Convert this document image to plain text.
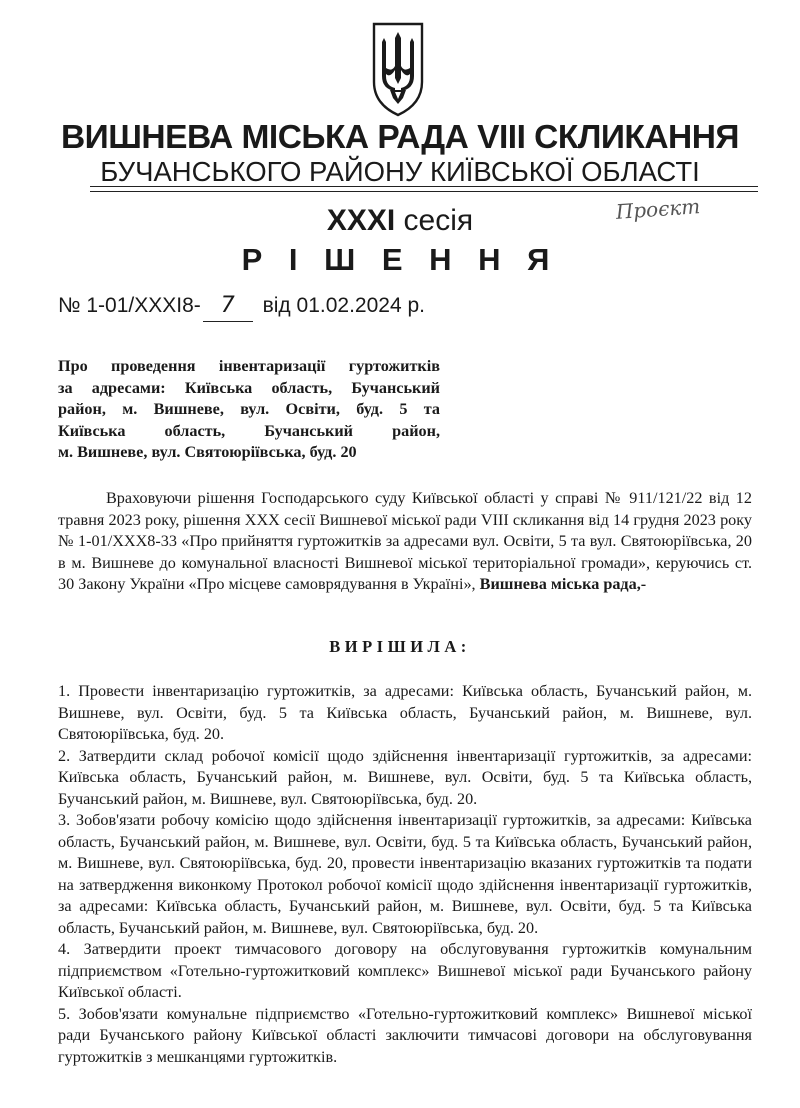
ВИШНЕВА МІСЬКА РАДА VIII СКЛИКАННЯ
БУЧАНСЬКОГО РАЙОНУ КИЇВСЬКОЇ ОБЛАСТІ
Проєкт
XXXI сесія
Р І Ш Е Н Н Я
№ 1-01/XXXI8- 7 від 01.02.2024 р.
Про проведення інвентаризації гуртожитків
за адресами: Київська область, Бучанський
район, м. Вишневе, вул. Освіти, буд. 5 та
Київська область, Бучанський район,
м. Вишневе, вул. Святоюріївська, буд. 20
Враховуючи рішення Господарського суду Київської області у справі № 911/121/22 від 12 травня 2023 року, рішення XXX сесії Вишневої міської ради VIII скликання від 14 грудня 2023 року № 1-01/XXX8-33 «Про прийняття гуртожитків за адресами вул. Освіти, 5 та вул. Святоюріївська, 20 в м. Вишневе до комунальної власності Вишневої міської територіальної громади», керуючись ст. 30 Закону України «Про місцеве самоврядування в Україні», Вишнева міська рада,-
ВИРІШИЛА:

1. Провести інвентаризацію гуртожитків, за адресами: Київська область, Бучанський район, м. Вишневе, вул. Освіти, буд. 5 та Київська область, Бучанський район, м. Вишневе, вул. Святоюріївська, буд. 20.

2. Затвердити склад робочої комісії щодо здійснення інвентаризації гуртожитків, за адресами: Київська область, Бучанський район, м. Вишневе, вул. Освіти, буд. 5 та Київська область, Бучанський район, м. Вишневе, вул. Святоюріївська, буд. 20.

3. Зобов'язати робочу комісію щодо здійснення інвентаризації гуртожитків, за адресами: Київська область, Бучанський район, м. Вишневе, вул. Освіти, буд. 5 та Київська область, Бучанський район, м. Вишневе, вул. Святоюріївська, буд. 20, провести інвентаризацію вказаних гуртожитків та подати на затвердження виконкому Протокол робочої комісії щодо здійснення інвентаризації гуртожитків, за адресами: Київська область, Бучанський район, м. Вишневе, вул. Освіти, буд. 5 та Київська область, Бучанський район, м. Вишневе, вул. Святоюріївська, буд. 20.

4. Затвердити проект тимчасового договору на обслуговування гуртожитків комунальним підприємством «Готельно-гуртожитковий комплекс» Вишневої міської ради Бучанського району Київської області.

5. Зобов'язати комунальне підприємство «Готельно-гуртожитковий комплекс» Вишневої міської ради Бучанського району Київської області заключити тимчасові договори на обслуговування гуртожитків з мешканцями гуртожитків.
